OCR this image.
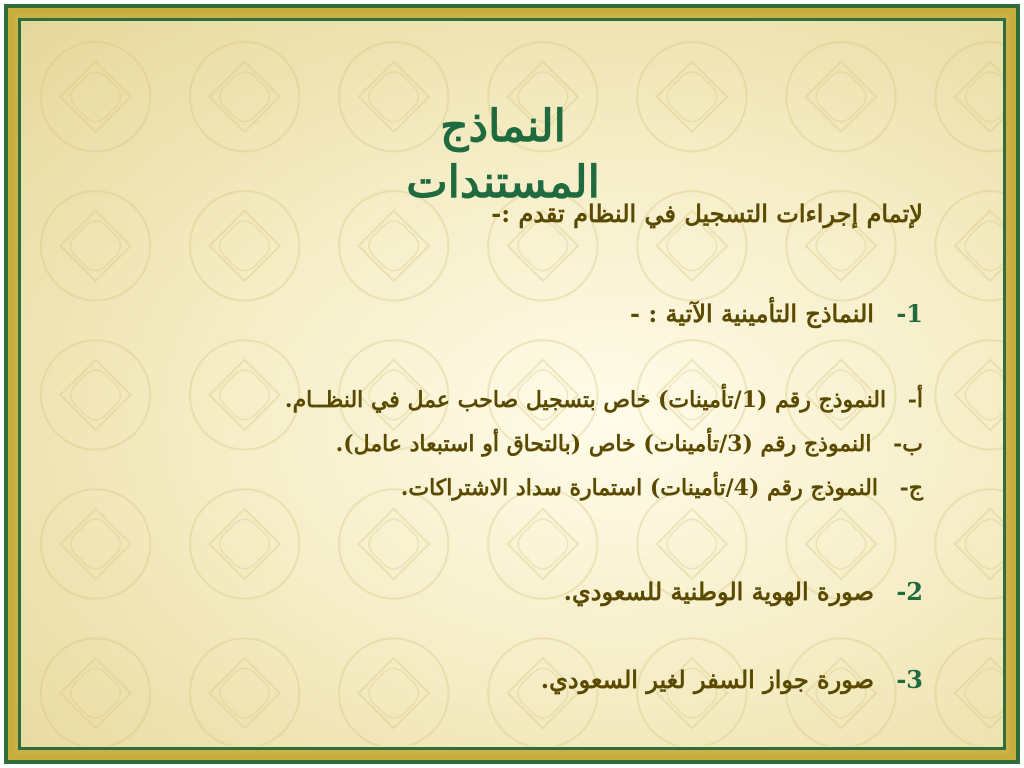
النماذج المستندات
لإتمام إجراءات التسجيل في النظام تقدم :-
1- النماذج التأمينية الآتية : -
أ- النموذج رقم (1/تأمينات) خاص بتسجيل صاحب عمل في النظــام.
ب- النموذج رقم (3/تأمينات) خاص (بالتحاق أو استبعاد عامل).
ج- النموذج رقم (4/تأمينات) استمارة سداد الاشتراكات.
2- صورة الهوية الوطنية للسعودي.
3- صورة جواز السفر لغير السعودي.
